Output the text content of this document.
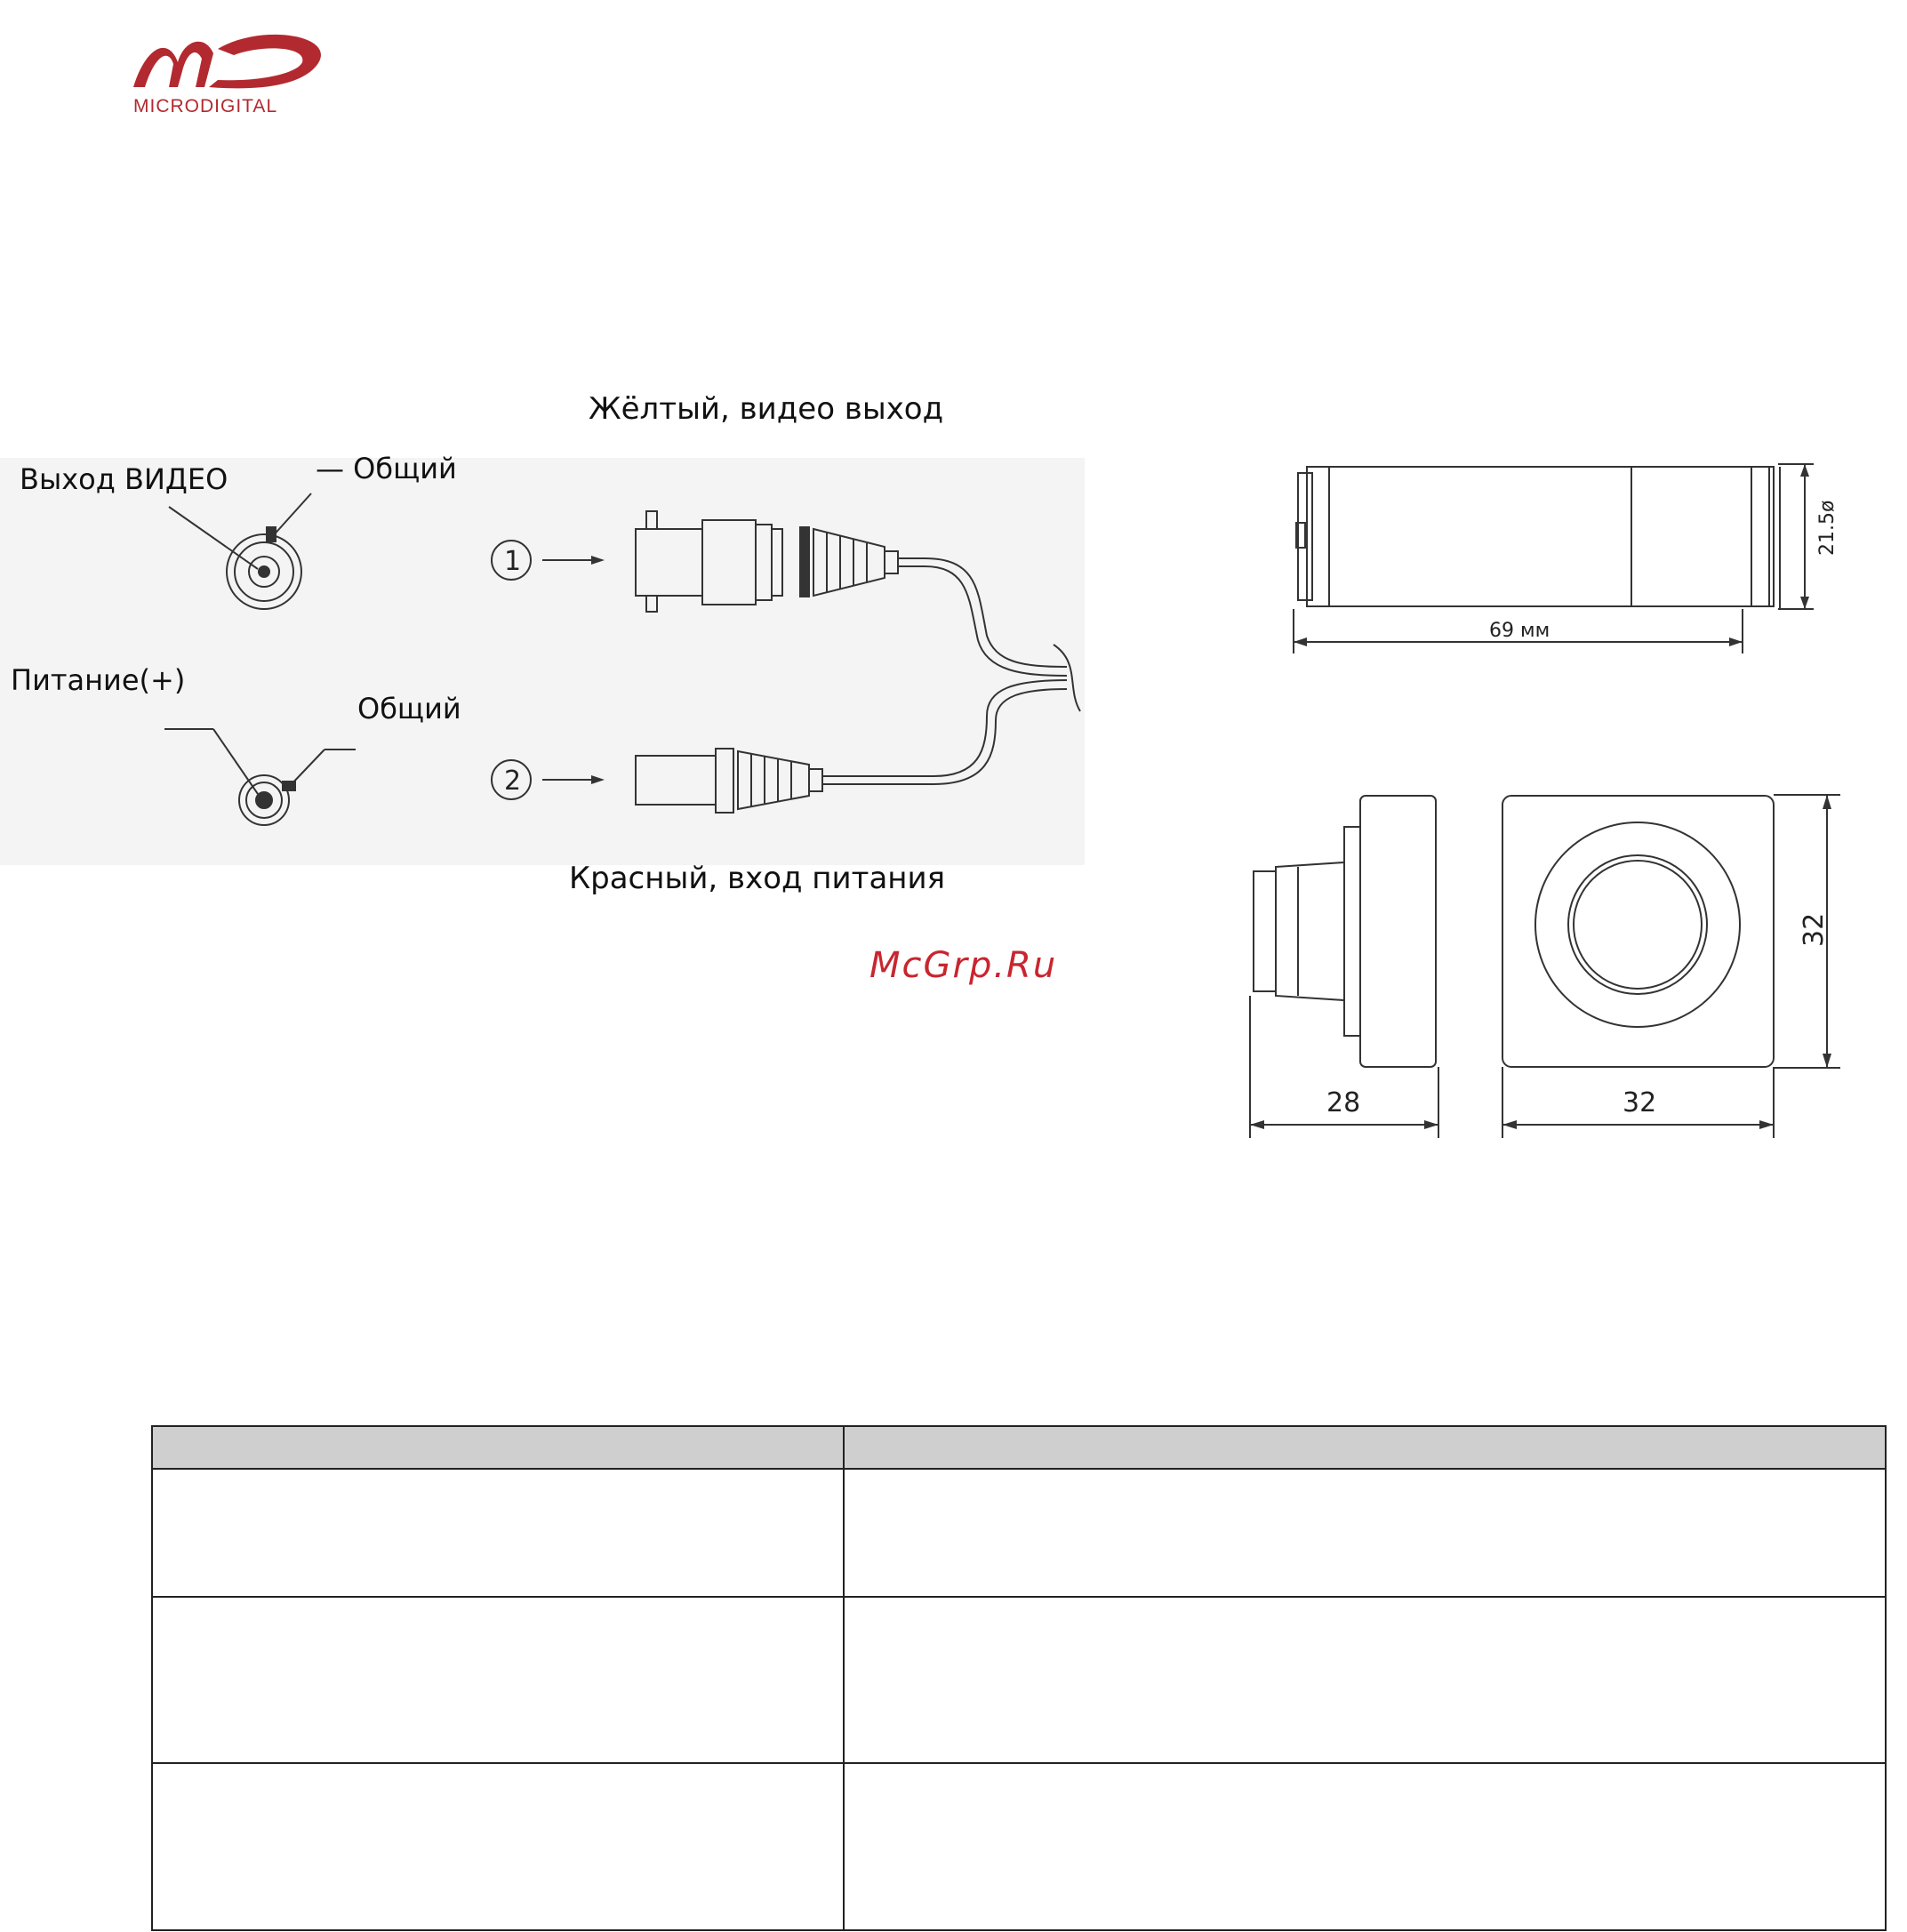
MICRODIGITAL
Жёлтый, видео выход
Выход ВИДЕО	— Общий
Питание(+)
Общий
Красный, вход питания
1
2
McGrp.Ru
69 мм
21.5ø
28	32
32
